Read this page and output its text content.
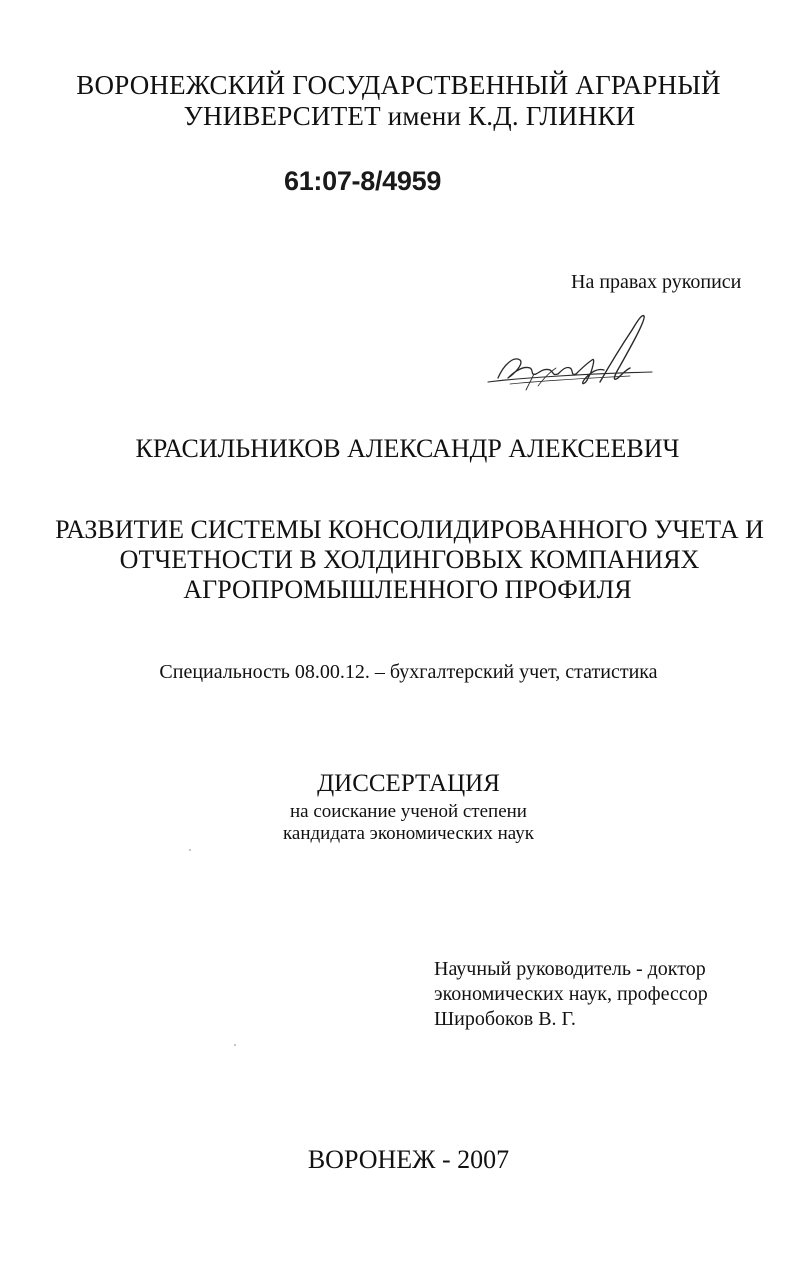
ВОРОНЕЖСКИЙ ГОСУДАРСТВЕННЫЙ АГРАРНЫЙ
УНИВЕРСИТЕТ имени К.Д. ГЛИНКИ
61:07-8/4959
На правах рукописи
КРАСИЛЬНИКОВ АЛЕКСАНДР АЛЕКСЕЕВИЧ
РАЗВИТИЕ СИСТЕМЫ КОНСОЛИДИРОВАННОГО УЧЕТА И
ОТЧЕТНОСТИ В ХОЛДИНГОВЫХ КОМПАНИЯХ
АГРОПРОМЫШЛЕННОГО ПРОФИЛЯ
Специальность 08.00.12. – бухгалтерский учет, статистика
ДИССЕРТАЦИЯ
на соискание ученой степени
кандидата экономических наук
Научный руководитель - доктор
экономических наук, профессор
Широбоков В. Г.
ВОРОНЕЖ - 2007
